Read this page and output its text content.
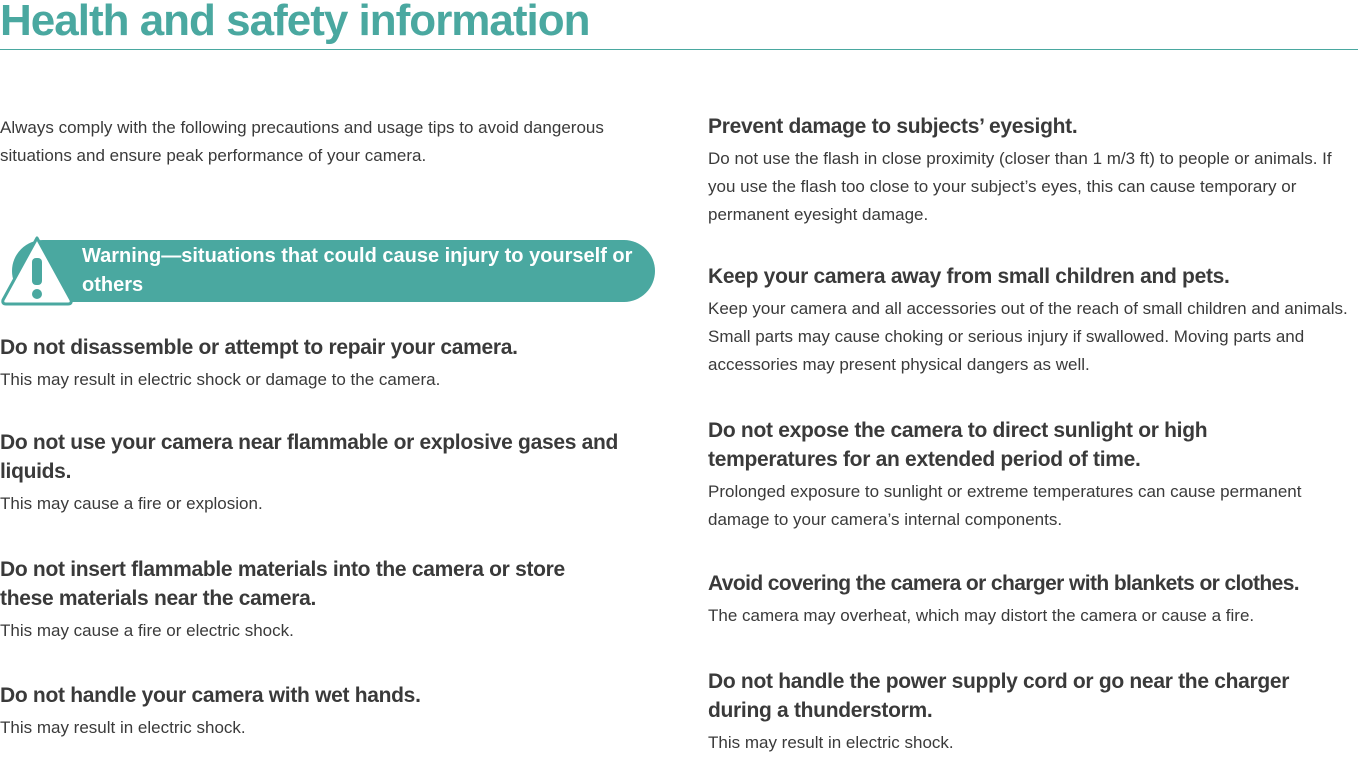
Health and safety information
Always comply with the following precautions and usage tips to avoid dangerous situations and ensure peak performance of your camera.
Warning—situations that could cause injury to yourself or others
Do not disassemble or attempt to repair your camera.

This may result in electric shock or damage to the camera.

Do not use your camera near flammable or explosive gases and liquids.

This may cause a fire or explosion.

Do not insert flammable materials into the camera or store these materials near the camera.

This may cause a fire or electric shock.

Do not handle your camera with wet hands.

This may result in electric shock.

Prevent damage to subjects’ eyesight.

Do not use the flash in close proximity (closer than 1 m/3 ft) to people or animals. If you use the flash too close to your subject’s eyes, this can cause temporary or permanent eyesight damage.

Keep your camera away from small children and pets.

Keep your camera and all accessories out of the reach of small children and animals. Small parts may cause choking or serious injury if swallowed. Moving parts and accessories may present physical dangers as well.

Do not expose the camera to direct sunlight or high temperatures for an extended period of time.

Prolonged exposure to sunlight or extreme temperatures can cause permanent damage to your camera’s internal components.

Avoid covering the camera or charger with blankets or clothes.

The camera may overheat, which may distort the camera or cause a fire.

Do not handle the power supply cord or go near the charger during a thunderstorm.

This may result in electric shock.
